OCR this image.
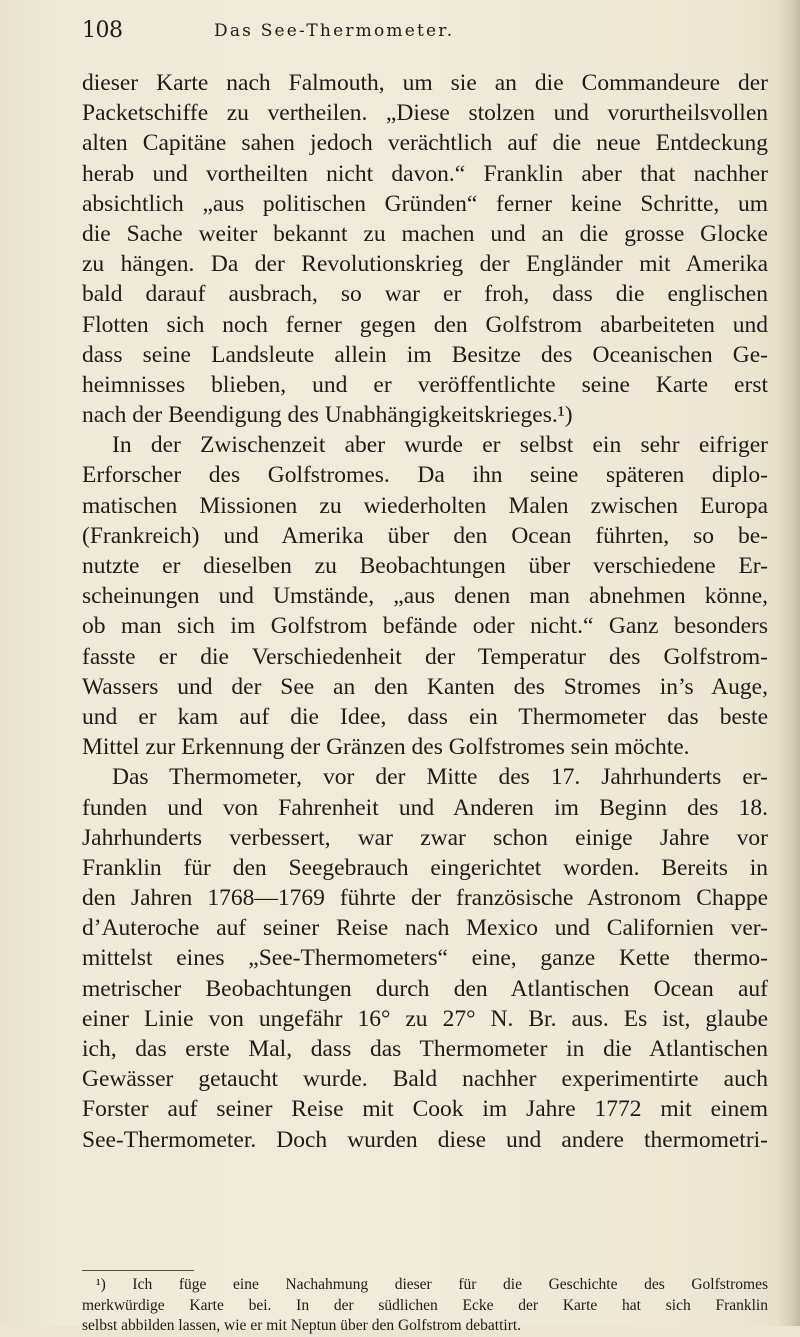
108	Das See-Thermometer.
dieser Karte nach Falmouth, um sie an die Commandeure der
Packetschiffe zu vertheilen. „Diese stolzen und vorurtheilsvollen
alten Capitäne sahen jedoch verächtlich auf die neue Entdeckung
herab und vortheilten nicht davon.“ Franklin aber that nachher
absichtlich „aus politischen Gründen“ ferner keine Schritte, um
die Sache weiter bekannt zu machen und an die grosse Glocke
zu hängen. Da der Revolutionskrieg der Engländer mit Amerika
bald darauf ausbrach, so war er froh, dass die englischen
Flotten sich noch ferner gegen den Golfstrom abarbeiteten und
dass seine Landsleute allein im Besitze des Oceanischen Ge-
heimnisses blieben, und er veröffentlichte seine Karte erst
nach der Beendigung des Unabhängigkeitskrieges.¹)
In der Zwischenzeit aber wurde er selbst ein sehr eifriger
Erforscher des Golfstromes. Da ihn seine späteren diplo-
matischen Missionen zu wiederholten Malen zwischen Europa
(Frankreich) und Amerika über den Ocean führten, so be-
nutzte er dieselben zu Beobachtungen über verschiedene Er-
scheinungen und Umstände, „aus denen man abnehmen könne,
ob man sich im Golfstrom befände oder nicht.“ Ganz besonders
fasste er die Verschiedenheit der Temperatur des Golfstrom-
Wassers und der See an den Kanten des Stromes in’s Auge,
und er kam auf die Idee, dass ein Thermometer das beste
Mittel zur Erkennung der Gränzen des Golfstromes sein möchte.
Das Thermometer, vor der Mitte des 17. Jahrhunderts er-
funden und von Fahrenheit und Anderen im Beginn des 18.
Jahrhunderts verbessert, war zwar schon einige Jahre vor
Franklin für den Seegebrauch eingerichtet worden. Bereits in
den Jahren 1768—1769 führte der französische Astronom Chappe
d’Auteroche auf seiner Reise nach Mexico und Californien ver-
mittelst eines „See-Thermometers“ eine, ganze Kette thermo-
metrischer Beobachtungen durch den Atlantischen Ocean auf
einer Linie von ungefähr 16° zu 27° N. Br. aus. Es ist, glaube
ich, das erste Mal, dass das Thermometer in die Atlantischen
Gewässer getaucht wurde. Bald nachher experimentirte auch
Forster auf seiner Reise mit Cook im Jahre 1772 mit einem
See-Thermometer. Doch wurden diese und andere thermometri-
¹) Ich füge eine Nachahmung dieser für die Geschichte des Golfstromes
merkwürdige Karte bei. In der südlichen Ecke der Karte hat sich Franklin
selbst abbilden lassen, wie er mit Neptun über den Golfstrom debattirt.
